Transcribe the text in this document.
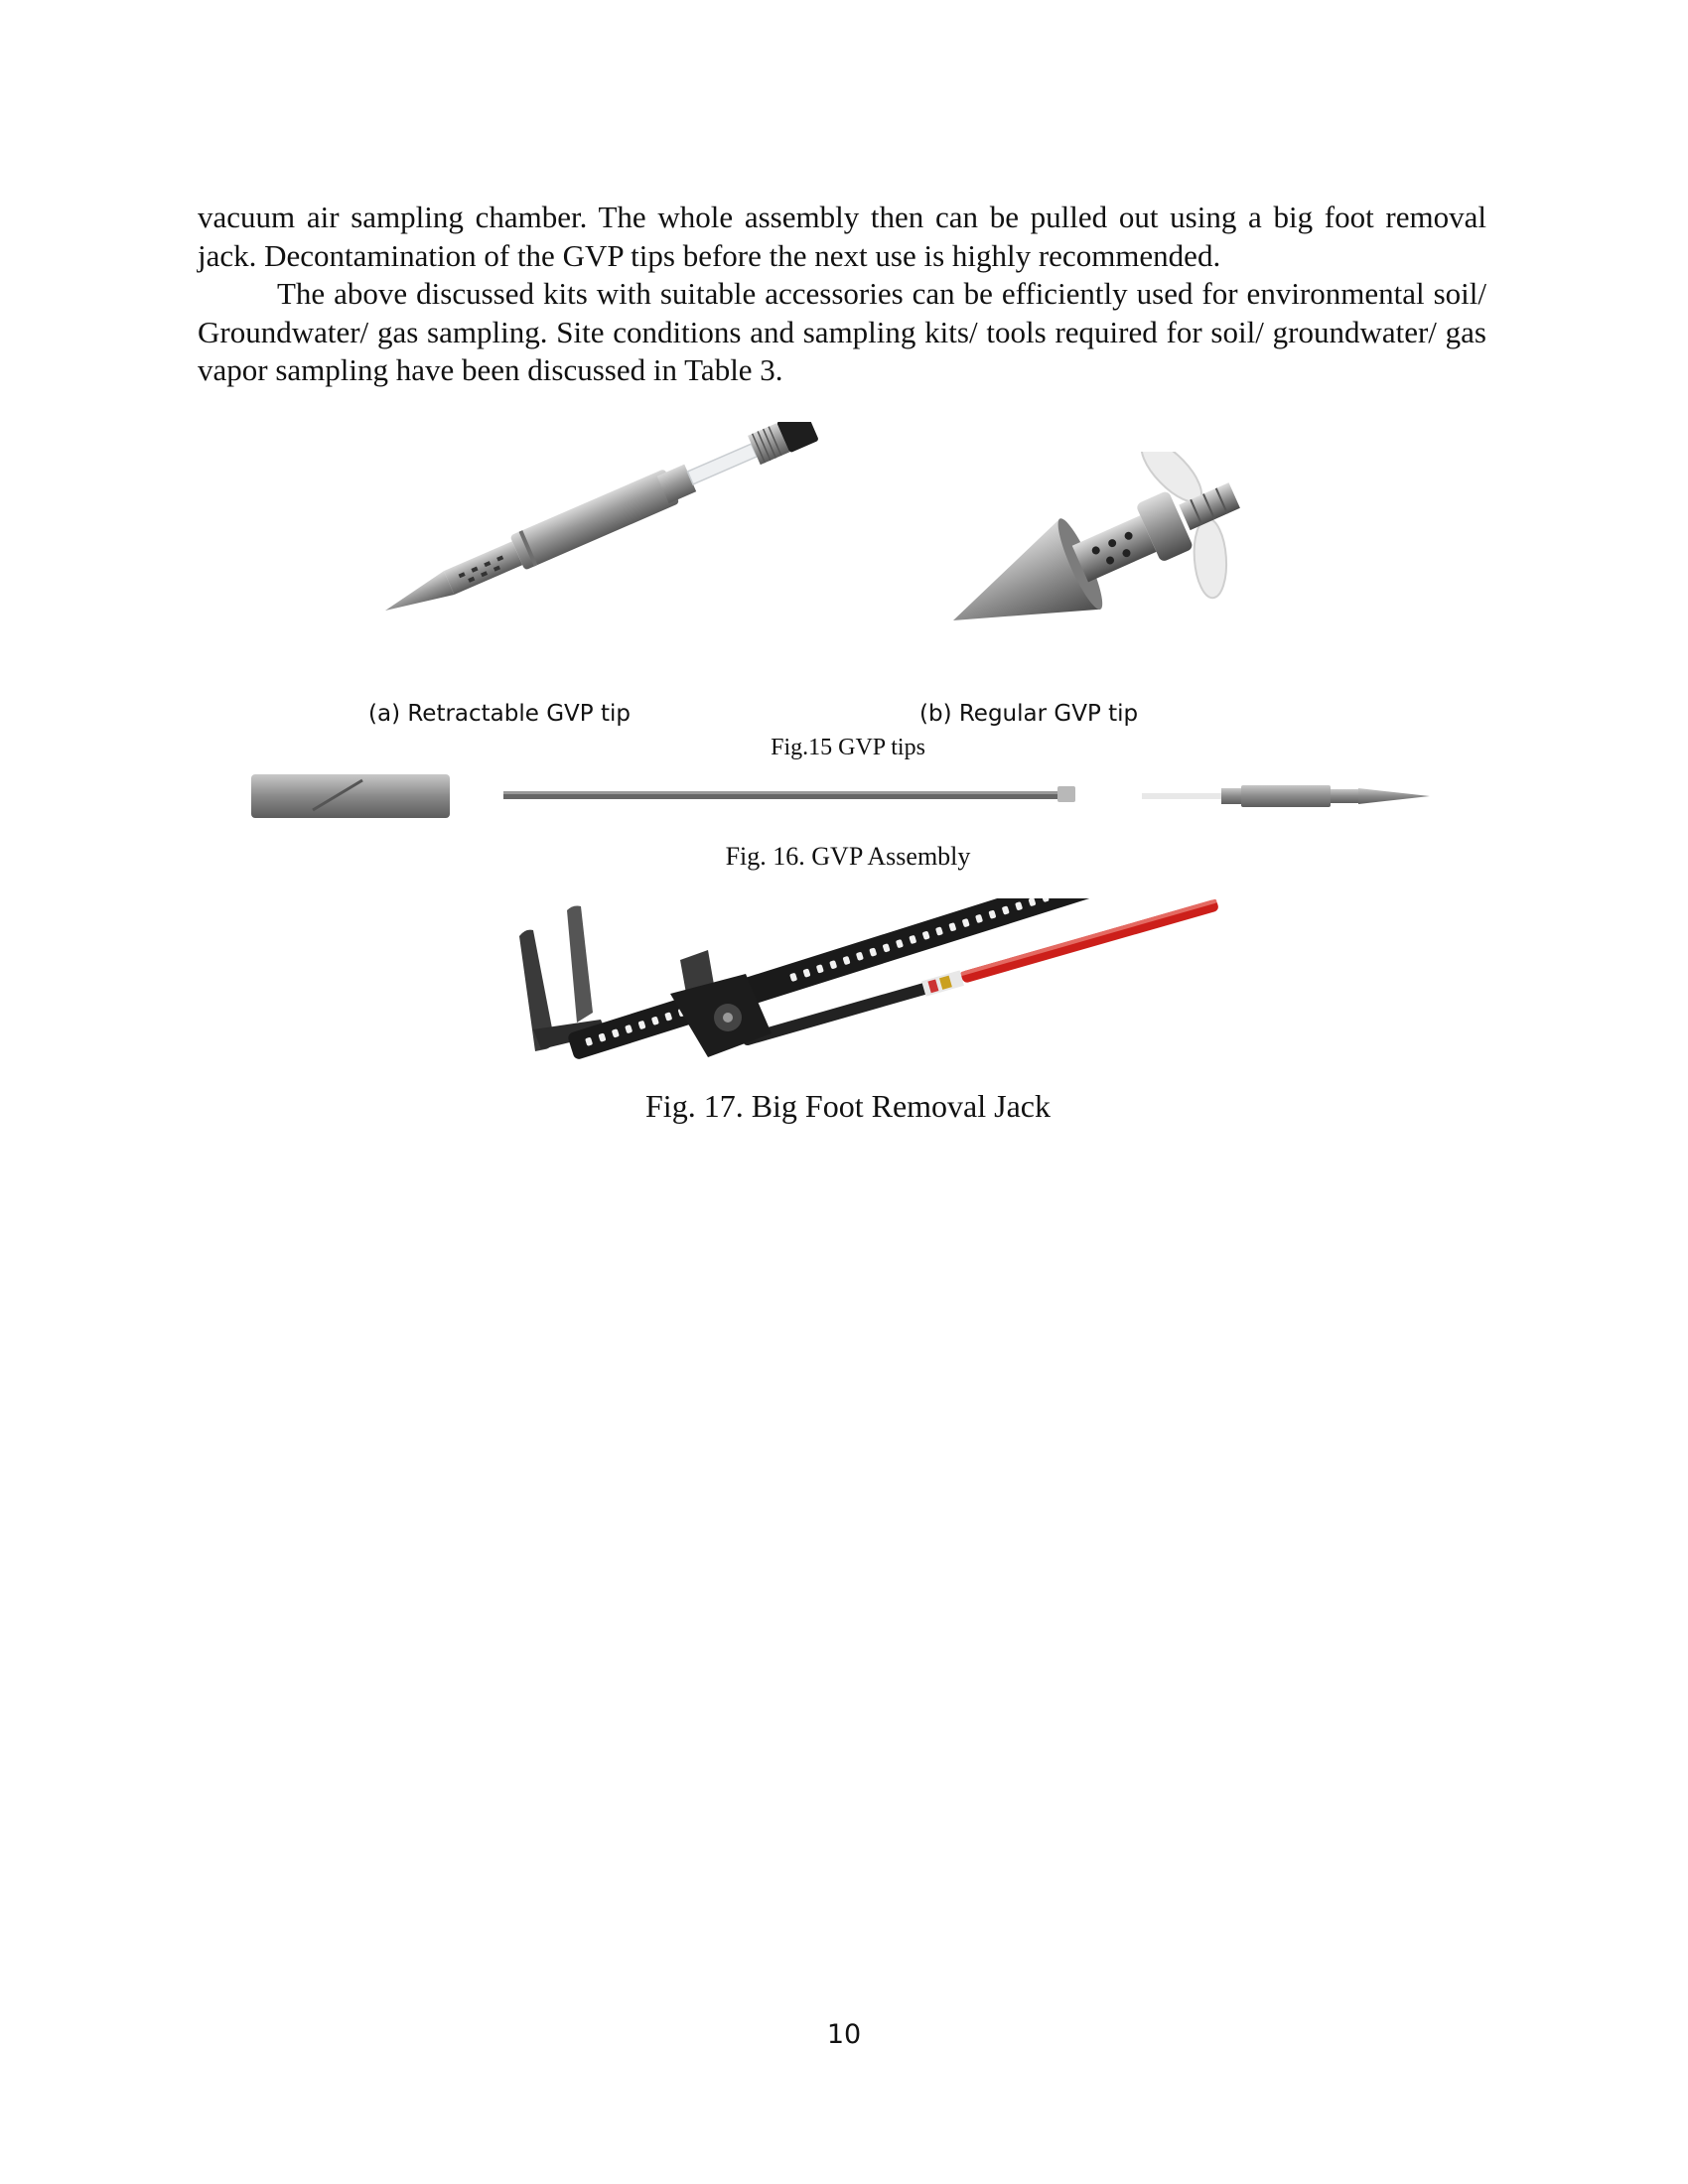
vacuum air sampling chamber. The whole assembly then can be pulled out using a big foot removal jack. Decontamination of the GVP tips before the next use is highly recommended.

The above discussed kits with suitable accessories can be efficiently used for environmental soil/ Groundwater/ gas sampling. Site conditions and sampling kits/ tools required for soil/ groundwater/ gas vapor sampling have been discussed in Table 3.

(a) Retractable GVP tip	(b) Regular GVP tip
Fig.15 GVP tips
Fig. 16. GVP Assembly
Fig. 17. Big Foot Removal Jack
10
